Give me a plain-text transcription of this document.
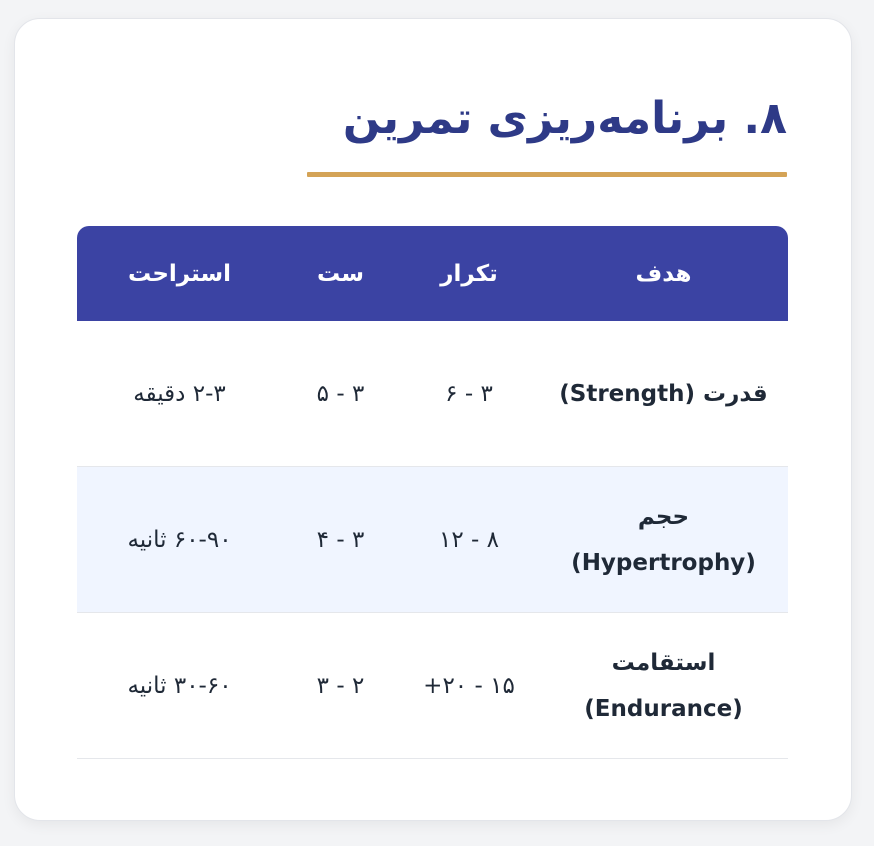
۸. برنامه‌ریزی تمرین
هدف	تکرار	ست	استراحت
قدرت (Strength)	۳ - ۶	۳ - ۵	۲-۳ دقیقه
حجم (Hypertrophy)	۸ - ۱۲	۳ - ۴	۶۰-۹۰ ثانیه
استقامت (Endurance)	۱۵ - ۲۰+	۲ - ۳	۳۰-۶۰ ثانیه
